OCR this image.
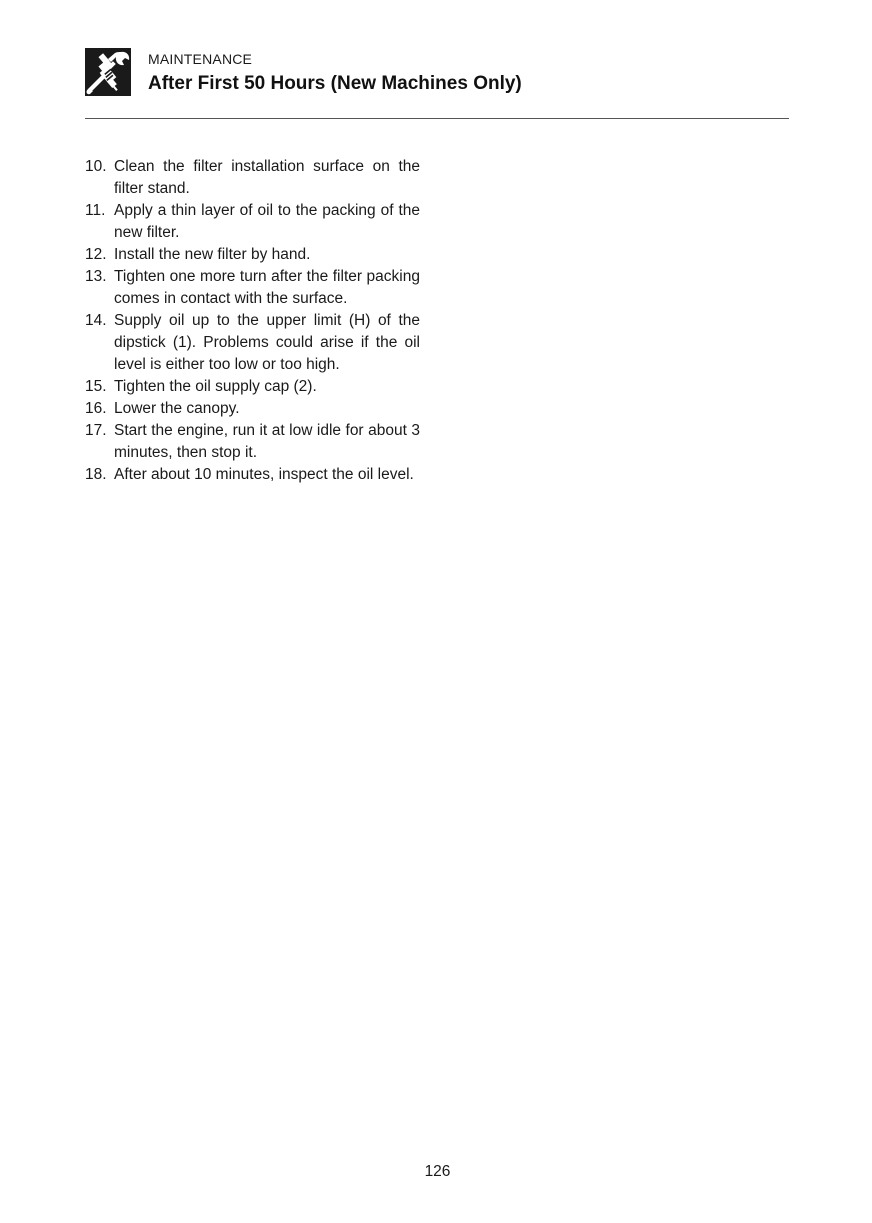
MAINTENANCE
After First 50 Hours (New Machines Only)
10. Clean the filter installation surface on the filter stand.
11. Apply a thin layer of oil to the packing of the new filter.
12. Install the new filter by hand.
13. Tighten one more turn after the filter packing comes in contact with the surface.
14. Supply oil up to the upper limit (H) of the dipstick (1). Problems could arise if the oil level is either too low or too high.
15. Tighten the oil supply cap (2).
16. Lower the canopy.
17. Start the engine, run it at low idle for about 3 minutes, then stop it.
18. After about 10 minutes, inspect the oil level.
126
